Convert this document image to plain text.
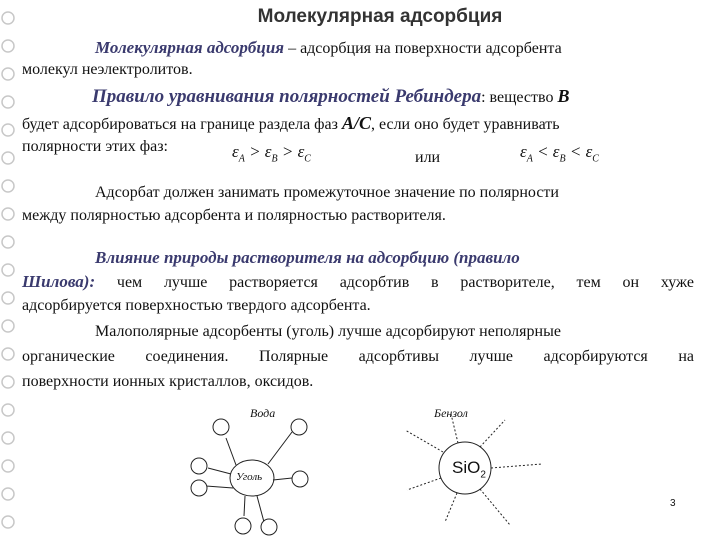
Молекулярная адсорбция
Молекулярная адсорбция – адсорбция на поверхности адсорбента
молекул неэлектролитов.
Правило уравнивания полярностей Ребиндера: вещество B
будет адсорбироваться на границе раздела фаз A/C, если оно будет уравнивать
полярности этих фаз:	$\varepsilon_A > \varepsilon_B > \varepsilon_C$	или	$\varepsilon_A < \varepsilon_B < \varepsilon_C$
Адсорбат должен занимать промежуточное значение по полярности
между полярностью адсорбента и полярностью растворителя.
Влияние природы растворителя на адсорбцию (правило
Шилова): чем лучше растворяется адсорбтив в растворителе, тем он хуже
адсорбируется поверхностью твердого адсорбента.
Малополярные адсорбенты (уголь) лучше адсорбируют неполярные
органические соединения. Полярные адсорбтивы лучше адсорбируются на
поверхности ионных кристаллов, оксидов.
Вода
Уголь
Бензол
SiO$_2$
3
